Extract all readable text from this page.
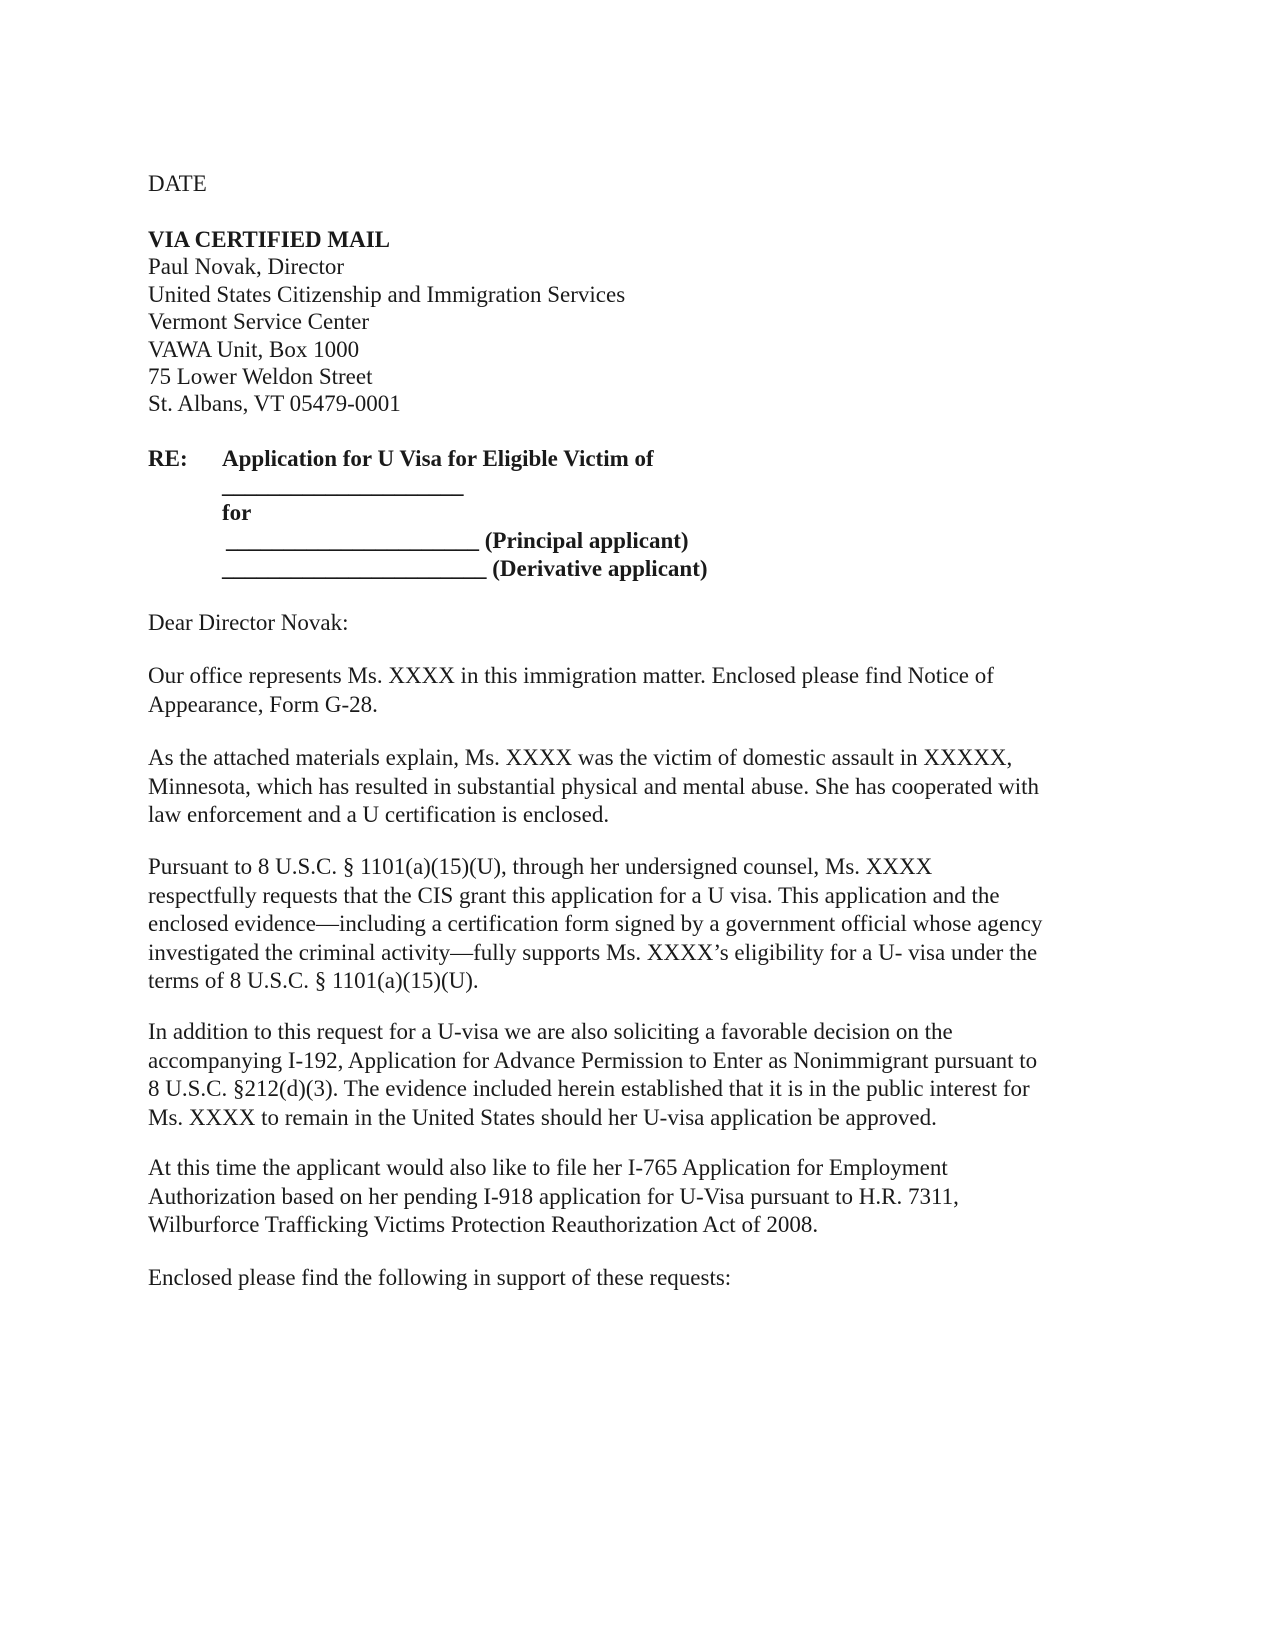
DATE

VIA CERTIFIED MAIL

Paul Novak, Director

United States Citizenship and Immigration Services

Vermont Service Center

VAWA Unit, Box 1000

75 Lower Weldon Street

St. Albans, VT 05479-0001

RE: Application for U Visa for Eligible Victim of
_____________________
for
______________________ (Principal applicant)
_______________________ (Derivative applicant)

Dear Director Novak:

Our office represents Ms. XXXX in this immigration matter. Enclosed please find Notice of
Appearance, Form G-28.
As the attached materials explain, Ms. XXXX was the victim of domestic assault in XXXXX,
Minnesota, which has resulted in substantial physical and mental abuse. She has cooperated with
law enforcement and a U certification is enclosed.
Pursuant to 8 U.S.C. § 1101(a)(15)(U), through her undersigned counsel, Ms. XXXX
respectfully requests that the CIS grant this application for a U visa. This application and the
enclosed evidence—including a certification form signed by a government official whose agency
investigated the criminal activity—fully supports Ms. XXXX’s eligibility for a U- visa under the
terms of 8 U.S.C. § 1101(a)(15)(U).
In addition to this request for a U-visa we are also soliciting a favorable decision on the
accompanying I-192, Application for Advance Permission to Enter as Nonimmigrant pursuant to
8 U.S.C. §212(d)(3). The evidence included herein established that it is in the public interest for
Ms. XXXX to remain in the United States should her U-visa application be approved.
At this time the applicant would also like to file her I-765 Application for Employment
Authorization based on her pending I-918 application for U-Visa pursuant to H.R. 7311,
Wilburforce Trafficking Victims Protection Reauthorization Act of 2008.
Enclosed please find the following in support of these requests:
